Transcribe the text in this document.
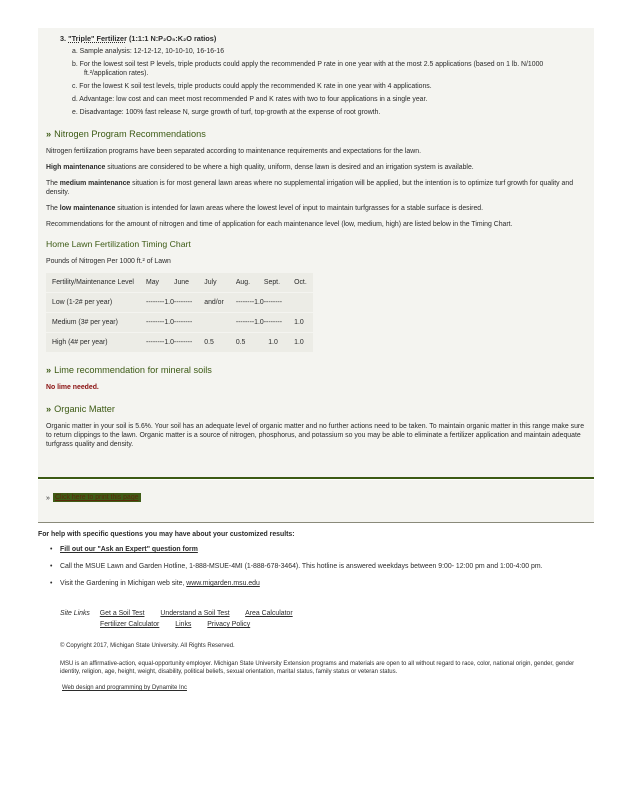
3. "Triple" Fertilizer (1:1:1 N:P₂O₅:K₂O ratios)
a. Sample analysis: 12-12-12, 10-10-10, 16-16-16
b. For the lowest soil test P levels, triple products could apply the recommended P rate in one year with at the most 2.5 applications (based on 1 lb. N/1000 ft.²/application rates).
c. For the lowest K soil test levels, triple products could apply the recommended K rate in one year with 4 applications.
d. Advantage: low cost and can meet most recommended P and K rates with two to four applications in a single year.
e. Disadvantage: 100% fast release N, surge growth of turf, top-growth at the expense of root growth.
» Nitrogen Program Recommendations

Nitrogen fertilization programs have been separated according to maintenance requirements and expectations for the lawn.

High maintenance situations are considered to be where a high quality, uniform, dense lawn is desired and an irrigation system is available.

The medium maintenance situation is for most general lawn areas where no supplemental irrigation will be applied, but the intention is to optimize turf growth for quality and density.

The low maintenance situation is intended for lawn areas where the lowest level of input to maintain turfgrasses for a stable surface is desired.

Recommendations for the amount of nitrogen and time of application for each maintenance level (low, medium, high) are listed below in the Timing Chart.

Home Lawn Fertilization Timing Chart

Pounds of Nitrogen Per 1000 ft.² of Lawn

Fertility/Maintenance Level	May	June	July	Aug.	Sept.	Oct.
Low (1-2# per year)	--------1.0--------		and/or	--------1.0--------		
Medium (3# per year)	--------1.0--------			--------1.0--------		1.0
High (4# per year)	--------1.0--------		0.5	0.5	1.0	1.0
» Lime recommendation for mineral soils

No lime needed.

» Organic Matter

Organic matter in your soil is 5.6%. Your soil has an adequate level of organic matter and no further actions need to be taken. To maintain organic matter in this range make sure to return clippings to the lawn. Organic matter is a source of nitrogen, phosphorus, and potassium so you may be able to eliminate a fertilizer application and maintain adequate turfgrass quality and density.

» Click here to print this page

For help with specific questions you may have about your customized results:

• Fill out our "Ask an Expert" question form
• Call the MSUE Lawn and Garden Hotline, 1-888-MSUE-4MI (1-888-678-3464). This hotline is answered weekdays between 9:00- 12:00 pm and 1:00-4:00 pm.
• Visit the Gardening in Michigan web site, www.migarden.msu.edu
Site Links Get a Soil Test Understand a Soil Test Area Calculator
Fertilizer Calculator Links Privacy Policy

© Copyright 2017, Michigan State University. All Rights Reserved.

MSU is an affirmative-action, equal-opportunity employer. Michigan State University Extension programs and materials are open to all without regard to race, color, national origin, gender, gender identity, religion, age, height, weight, disability, political beliefs, sexual orientation, marital status, family status or veteran status.

Web design and programming by Dynamite Inc
